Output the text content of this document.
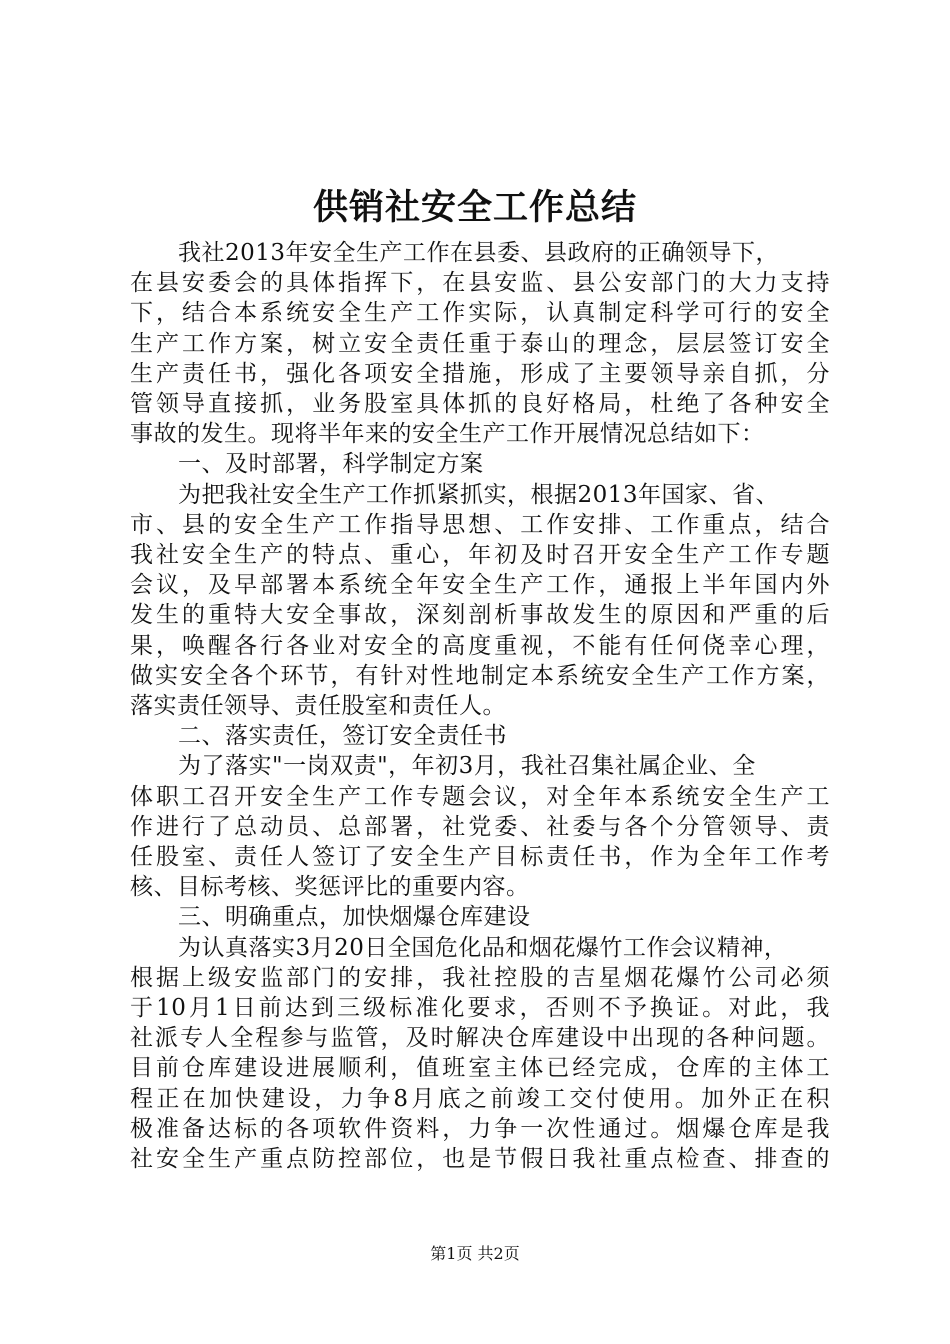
供销社安全工作总结
我社2013年安全生产工作在县委、县政府的正确领导下，
在县安委会的具体指挥下，在县安监、县公安部门的大力支持
下，结合本系统安全生产工作实际，认真制定科学可行的安全
生产工作方案，树立安全责任重于泰山的理念，层层签订安全
生产责任书，强化各项安全措施，形成了主要领导亲自抓，分
管领导直接抓，业务股室具体抓的良好格局，杜绝了各种安全
事故的发生。现将半年来的安全生产工作开展情况总结如下：
一、及时部署，科学制定方案
为把我社安全生产工作抓紧抓实，根据2013年国家、省、
市、县的安全生产工作指导思想、工作安排、工作重点，结合
我社安全生产的特点、重心，年初及时召开安全生产工作专题
会议，及早部署本系统全年安全生产工作，通报上半年国内外
发生的重特大安全事故，深刻剖析事故发生的原因和严重的后
果，唤醒各行各业对安全的高度重视，不能有任何侥幸心理，
做实安全各个环节，有针对性地制定本系统安全生产工作方案，
落实责任领导、责任股室和责任人。
二、落实责任，签订安全责任书
为了落实"一岗双责"，年初3月，我社召集社属企业、全
体职工召开安全生产工作专题会议，对全年本系统安全生产工
作进行了总动员、总部署，社党委、社委与各个分管领导、责
任股室、责任人签订了安全生产目标责任书，作为全年工作考
核、目标考核、奖惩评比的重要内容。
三、明确重点，加快烟爆仓库建设
为认真落实3月20日全国危化品和烟花爆竹工作会议精神，
根据上级安监部门的安排，我社控股的吉星烟花爆竹公司必须
于10月1日前达到三级标准化要求，否则不予换证。对此，我
社派专人全程参与监管，及时解决仓库建设中出现的各种问题。
目前仓库建设进展顺利，值班室主体已经完成，仓库的主体工
程正在加快建设，力争8月底之前竣工交付使用。加外正在积
极准备达标的各项软件资料，力争一次性通过。烟爆仓库是我
社安全生产重点防控部位，也是节假日我社重点检查、排查的
第1页 共2页
